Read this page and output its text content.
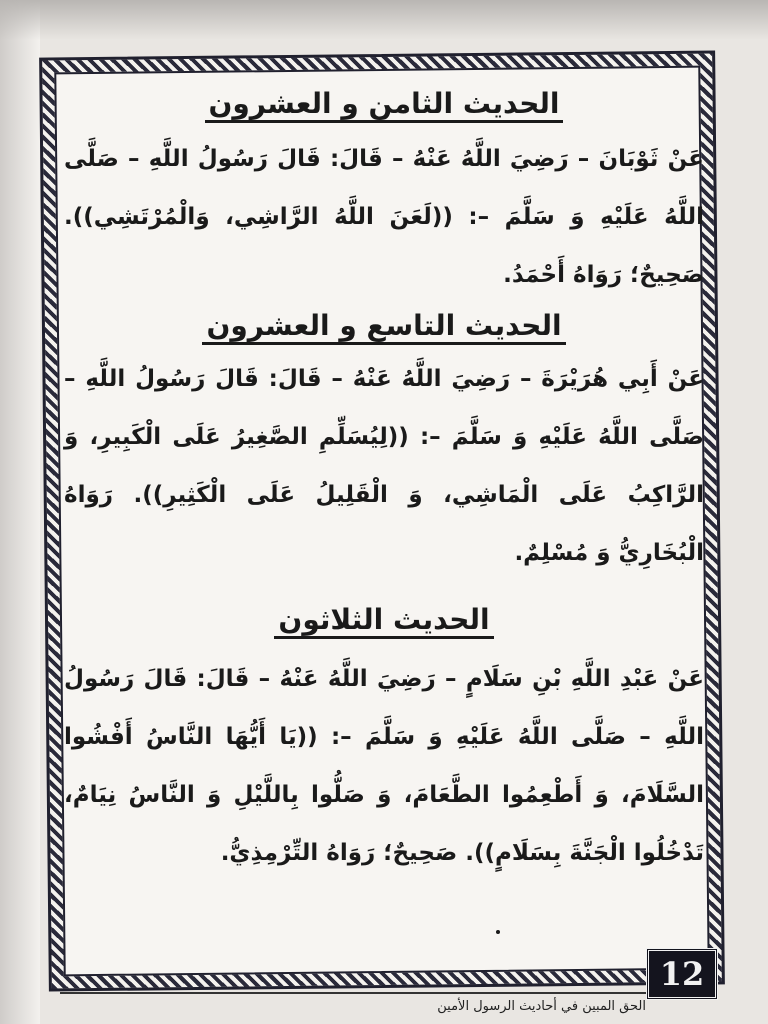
الحديث الثامن و العشرون

عَنْ ثَوْبَانَ – رَضِيَ اللَّهُ عَنْهُ – قَالَ: قَالَ رَسُولُ اللَّهِ – صَلَّى اللَّهُ عَلَيْهِ وَ سَلَّمَ –: ((لَعَنَ اللَّهُ الرَّاشِي، وَالْمُرْتَشِي)). صَحِيحٌ؛ رَوَاهُ أَحْمَدُ.

الحديث التاسع و العشرون

عَنْ أَبِي هُرَيْرَةَ – رَضِيَ اللَّهُ عَنْهُ – قَالَ: قَالَ رَسُولُ اللَّهِ – صَلَّى اللَّهُ عَلَيْهِ وَ سَلَّمَ –: ((لِيُسَلِّمِ الصَّغِيرُ عَلَى الْكَبِيرِ، وَ الرَّاكِبُ عَلَى الْمَاشِي، وَ الْقَلِيلُ عَلَى الْكَثِيرِ)). رَوَاهُ الْبُخَارِيُّ وَ مُسْلِمٌ.

الحديث الثلاثون

عَنْ عَبْدِ اللَّهِ بْنِ سَلَامٍ – رَضِيَ اللَّهُ عَنْهُ – قَالَ: قَالَ رَسُولُ اللَّهِ – صَلَّى اللَّهُ عَلَيْهِ وَ سَلَّمَ –: ((يَا أَيُّهَا النَّاسُ أَفْشُوا السَّلَامَ، وَ أَطْعِمُوا الطَّعَامَ، وَ صَلُّوا بِاللَّيْلِ وَ النَّاسُ نِيَامٌ، تَدْخُلُوا الْجَنَّةَ بِسَلَامٍ)). صَحِيحٌ؛ رَوَاهُ التِّرْمِذِيُّ.

12
الحق المبين في أحاديث الرسول الأمين
